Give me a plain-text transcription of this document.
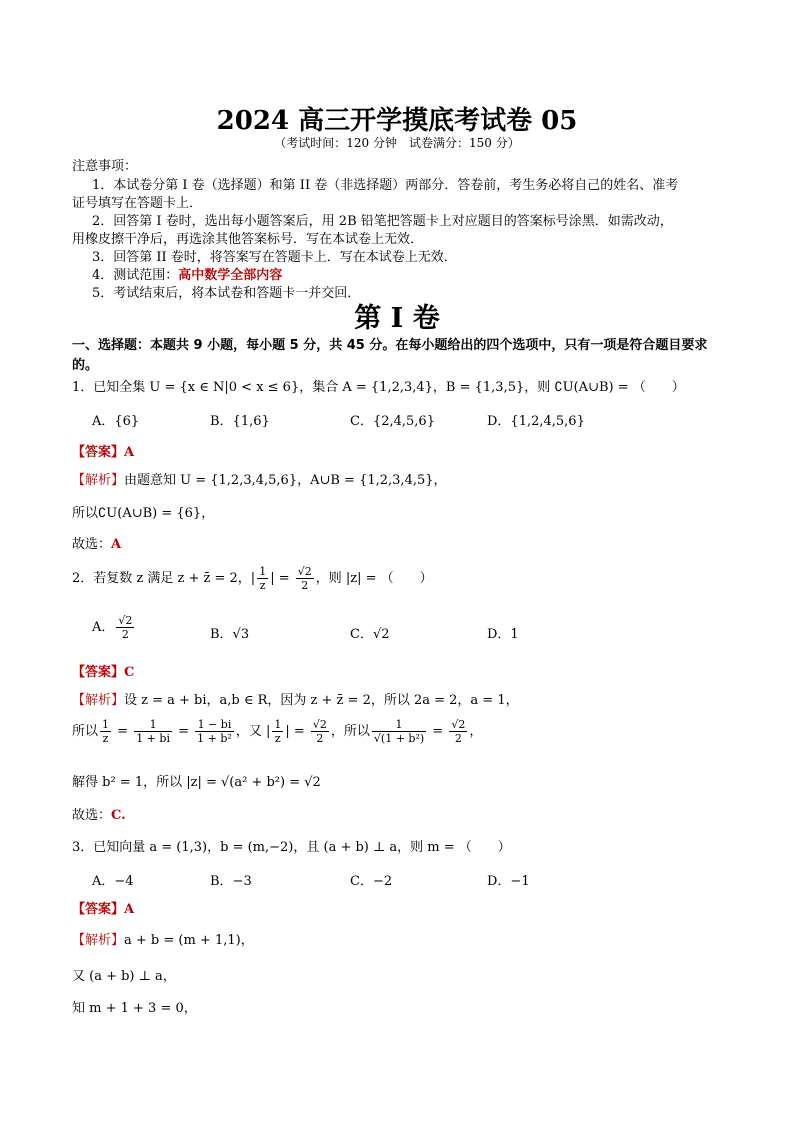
2024 高三开学摸底考试卷 05
（考试时间：120 分钟　试卷满分：150 分）
注意事项：
1．本试卷分第 I 卷（选择题）和第 II 卷（非选择题）两部分．答卷前，考生务必将自己的姓名、准考
证号填写在答题卡上．
2．回答第 I 卷时，选出每小题答案后，用 2B 铅笔把答题卡上对应题目的答案标号涂黑．如需改动，
用橡皮擦干净后，再选涂其他答案标号．写在本试卷上无效．
3．回答第 II 卷时，将答案写在答题卡上．写在本试卷上无效．
4．测试范围：高中数学全部内容
5．考试结束后，将本试卷和答题卡一并交回．
第 I 卷
一、选择题：本题共 9 小题，每小题 5 分，共 45 分。在每小题给出的四个选项中，只有一项是符合题目要求的。
1．已知全集 U = {x ∈ N|0 < x ≤ 6}，集合 A = {1,2,3,4}，B = {1,3,5}，则 ∁U(A∪B) = （　　）
A．{6}	B．{1,6}	C．{2,4,5,6}	D．{1,2,4,5,6}
【答案】A
【解析】由题意知 U = {1,2,3,4,5,6}，A∪B = {1,2,3,4,5}，
所以∁U(A∪B) = {6}，
故选：A
2．若复数 z 满足 z + z̄ = 2，| $\frac{1}{z}$ | = $\frac{√2}{2}$ ，则 |z| = （　　）
A． $\frac{√2}{2}$	B．√3	C．√2	D．1
【答案】C
【解析】设 z = a + bi，a,b ∈ R，因为 z + z̄ = 2，所以 2a = 2，a = 1，
所以 $\frac{1}{z} = \frac{1}{1 + bi} = \frac{1 - bi}{\text{1 + b²}}$ ，又 | $\frac{1}{z}$ | = $\frac{√2}{2}$ ，所以 $\frac{1}{\text{√(1 + b²)}} = \frac{√2}{2}$ ，
解得 b² = 1，所以 |z| = √(a² + b²) = √2
故选：C.
3．已知向量 a = (1,3)，b = (m,−2)，且 (a + b) ⊥ a，则 m = （　　）
A．−4	B．−3	C．−2	D．−1
【答案】A
【解析】a + b = (m + 1,1)，
又 (a + b) ⊥ a，
知 m + 1 + 3 = 0，
